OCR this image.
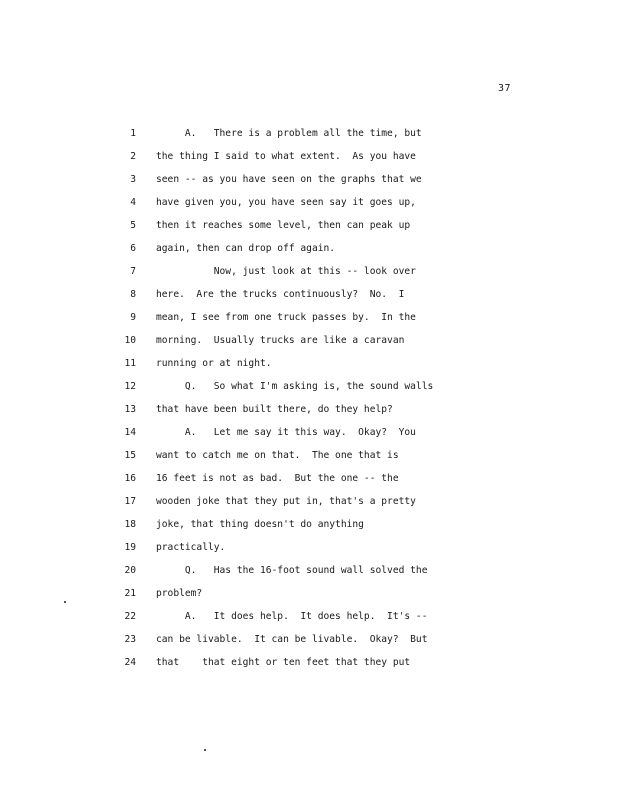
37
1 A.   There is a problem all the time, but
2 the thing I said to what extent.  As you have
3 seen -- as you have seen on the graphs that we
4 have given you, you have seen say it goes up,
5 then it reaches some level, then can peak up
6 again, then can drop off again.
7 Now, just look at this -- look over
8 here.  Are the trucks continuously?  No.  I
9 mean, I see from one truck passes by.  In the
10 morning.  Usually trucks are like a caravan
11 running or at night.
12 Q.   So what I'm asking is, the sound walls
13 that have been built there, do they help?
14 A.   Let me say it this way.  Okay?  You
15 want to catch me on that.  The one that is
16 16 feet is not as bad.  But the one -- the
17 wooden joke that they put in, that's a pretty
18 joke, that thing doesn't do anything
19 practically.
20 Q.   Has the 16-foot sound wall solved the
21 problem?
22 A.   It does help.  It does help.  It's --
23 can be livable.  It can be livable.  Okay?  But
24 that    that eight or ten feet that they put
